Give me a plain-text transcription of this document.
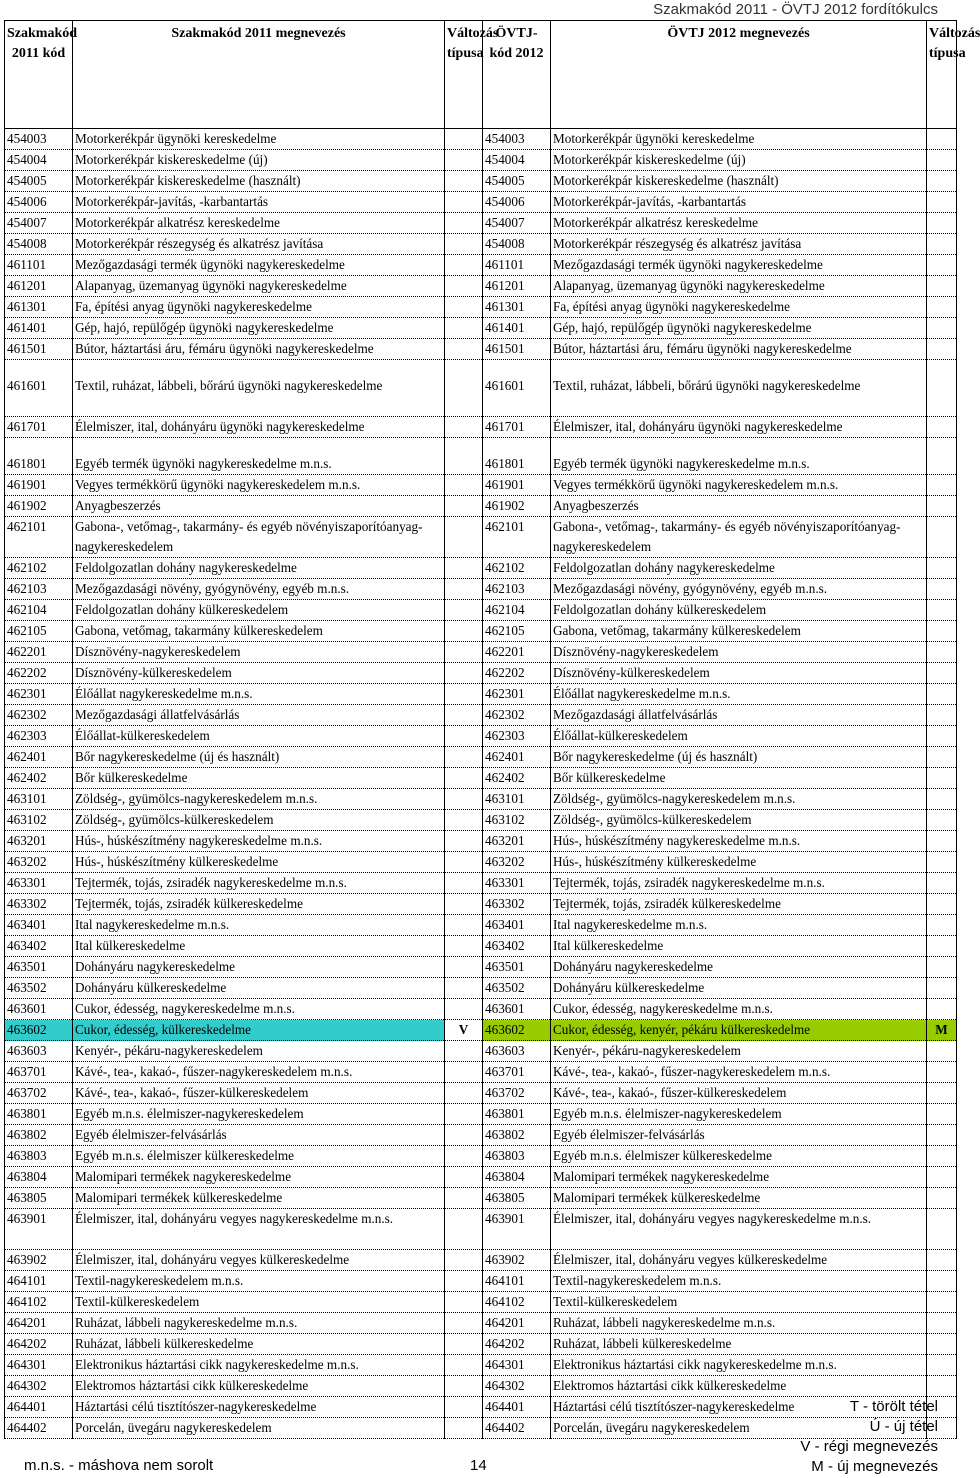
Szakmakód 2011 - ÖVTJ 2012 fordítókulcs
Szakmakód 2011 kód	Szakmakód 2011 megnevezés	Változás típusa	ÖVTJ-kód 2012	ÖVTJ 2012 megnevezés	Változás típusa
454003	Motorkerékpár ügynöki kereskedelme		454003	Motorkerékpár ügynöki kereskedelme	
454004	Motorkerékpár kiskereskedelme (új)		454004	Motorkerékpár kiskereskedelme (új)	
454005	Motorkerékpár kiskereskedelme (használt)		454005	Motorkerékpár kiskereskedelme (használt)	
454006	Motorkerékpár-javítás, -karbantartás		454006	Motorkerékpár-javítás, -karbantartás	
454007	Motorkerékpár alkatrész kereskedelme		454007	Motorkerékpár alkatrész kereskedelme	
454008	Motorkerékpár részegység és alkatrész javítása		454008	Motorkerékpár részegység és alkatrész javítása	
461101	Mezőgazdasági termék ügynöki nagykereskedelme		461101	Mezőgazdasági termék ügynöki nagykereskedelme	
461201	Alapanyag, üzemanyag ügynöki nagykereskedelme		461201	Alapanyag, üzemanyag ügynöki nagykereskedelme	
461301	Fa, építési anyag ügynöki nagykereskedelme		461301	Fa, építési anyag ügynöki nagykereskedelme	
461401	Gép, hajó, repülőgép ügynöki nagykereskedelme		461401	Gép, hajó, repülőgép ügynöki nagykereskedelme	
461501	Bútor, háztartási áru, fémáru ügynöki nagykereskedelme		461501	Bútor, háztartási áru, fémáru ügynöki nagykereskedelme	

461601	Textil, ruházat, lábbeli, bőrárú ügynöki nagykereskedelme		461601	Textil, ruházat, lábbeli, bőrárú ügynöki nagykereskedelme	
461701	Élelmiszer, ital, dohányáru ügynöki nagykereskedelme		461701	Élelmiszer, ital, dohányáru ügynöki nagykereskedelme	

461801	Egyéb termék ügynöki nagykereskedelme m.n.s.		461801	Egyéb termék ügynöki nagykereskedelme m.n.s.	
461901	Vegyes termékkörű ügynöki nagykereskedelem m.n.s.		461901	Vegyes termékkörű ügynöki nagykereskedelem m.n.s.	
461902	Anyagbeszerzés		461902	Anyagbeszerzés	
462101	Gabona-, vetőmag-, takarmány- és egyéb növényiszaporítóanyag-nagykereskedelem		462101	Gabona-, vetőmag-, takarmány- és egyéb növényiszaporítóanyag-nagykereskedelem	
462102	Feldolgozatlan dohány nagykereskedelme		462102	Feldolgozatlan dohány nagykereskedelme	
462103	Mezőgazdasági növény, gyógynövény, egyéb m.n.s.		462103	Mezőgazdasági növény, gyógynövény, egyéb m.n.s.	
462104	Feldolgozatlan dohány külkereskedelem		462104	Feldolgozatlan dohány külkereskedelem	
462105	Gabona, vetőmag, takarmány külkereskedelem		462105	Gabona, vetőmag, takarmány külkereskedelem	
462201	Dísznövény-nagykereskedelem		462201	Dísznövény-nagykereskedelem	
462202	Dísznövény-külkereskedelem		462202	Dísznövény-külkereskedelem	
462301	Élőállat nagykereskedelme m.n.s.		462301	Élőállat nagykereskedelme m.n.s.	
462302	Mezőgazdasági állatfelvásárlás		462302	Mezőgazdasági állatfelvásárlás	
462303	Élőállat-külkereskedelem		462303	Élőállat-külkereskedelem	
462401	Bőr nagykereskedelme (új és használt)		462401	Bőr nagykereskedelme (új és használt)	
462402	Bőr külkereskedelme		462402	Bőr külkereskedelme	
463101	Zöldség-, gyümölcs-nagykereskedelem m.n.s.		463101	Zöldség-, gyümölcs-nagykereskedelem m.n.s.	
463102	Zöldség-, gyümölcs-külkereskedelem		463102	Zöldség-, gyümölcs-külkereskedelem	
463201	Hús-, húskészítmény nagykereskedelme m.n.s.		463201	Hús-, húskészítmény nagykereskedelme m.n.s.	
463202	Hús-, húskészítmény külkereskedelme		463202	Hús-, húskészítmény külkereskedelme	
463301	Tejtermék, tojás, zsiradék nagykereskedelme m.n.s.		463301	Tejtermék, tojás, zsiradék nagykereskedelme m.n.s.	
463302	Tejtermék, tojás, zsiradék külkereskedelme		463302	Tejtermék, tojás, zsiradék külkereskedelme	
463401	Ital nagykereskedelme m.n.s.		463401	Ital nagykereskedelme m.n.s.	
463402	Ital külkereskedelme		463402	Ital külkereskedelme	
463501	Dohányáru nagykereskedelme		463501	Dohányáru nagykereskedelme	
463502	Dohányáru külkereskedelme		463502	Dohányáru külkereskedelme	
463601	Cukor, édesség, nagykereskedelme m.n.s.		463601	Cukor, édesség, nagykereskedelme m.n.s.	
463602	Cukor, édesség, külkereskedelme	V	463602	Cukor, édesség, kenyér, pékáru külkereskedelme	M
463603	Kenyér-, pékáru-nagykereskedelem		463603	Kenyér-, pékáru-nagykereskedelem	
463701	Kávé-, tea-, kakaó-, fűszer-nagykereskedelem m.n.s.		463701	Kávé-, tea-, kakaó-, fűszer-nagykereskedelem m.n.s.	
463702	Kávé-, tea-, kakaó-, fűszer-külkereskedelem		463702	Kávé-, tea-, kakaó-, fűszer-külkereskedelem	
463801	Egyéb m.n.s. élelmiszer-nagykereskedelem		463801	Egyéb m.n.s. élelmiszer-nagykereskedelem	
463802	Egyéb élelmiszer-felvásárlás		463802	Egyéb élelmiszer-felvásárlás	
463803	Egyéb m.n.s. élelmiszer külkereskedelme		463803	Egyéb m.n.s. élelmiszer külkereskedelme	
463804	Malomipari termékek nagykereskedelme		463804	Malomipari termékek nagykereskedelme	
463805	Malomipari termékek külkereskedelme		463805	Malomipari termékek külkereskedelme	
463901	Élelmiszer, ital, dohányáru vegyes nagykereskedelme m.n.s.		463901	Élelmiszer, ital, dohányáru vegyes nagykereskedelme m.n.s.	
463902	Élelmiszer, ital, dohányáru vegyes külkereskedelme		463902	Élelmiszer, ital, dohányáru vegyes külkereskedelme	
464101	Textil-nagykereskedelem m.n.s.		464101	Textil-nagykereskedelem m.n.s.	
464102	Textil-külkereskedelem		464102	Textil-külkereskedelem	
464201	Ruházat, lábbeli nagykereskedelme m.n.s.		464201	Ruházat, lábbeli nagykereskedelme m.n.s.	
464202	Ruházat, lábbeli külkereskedelme		464202	Ruházat, lábbeli külkereskedelme	
464301	Elektronikus háztartási cikk nagykereskedelme m.n.s.		464301	Elektronikus háztartási cikk nagykereskedelme m.n.s.	
464302	Elektromos háztartási cikk külkereskedelme		464302	Elektromos háztartási cikk külkereskedelme	
464401	Háztartási célú tisztítószer-nagykereskedelme		464401	Háztartási célú tisztítószer-nagykereskedelme	
464402	Porcelán, üvegáru nagykereskedelem		464402	Porcelán, üvegáru nagykereskedelem	
T - törölt tétel
Ú - új tétel
V - régi megnevezés
M - új megnevezés
m.n.s. - máshova nem sorolt	14
